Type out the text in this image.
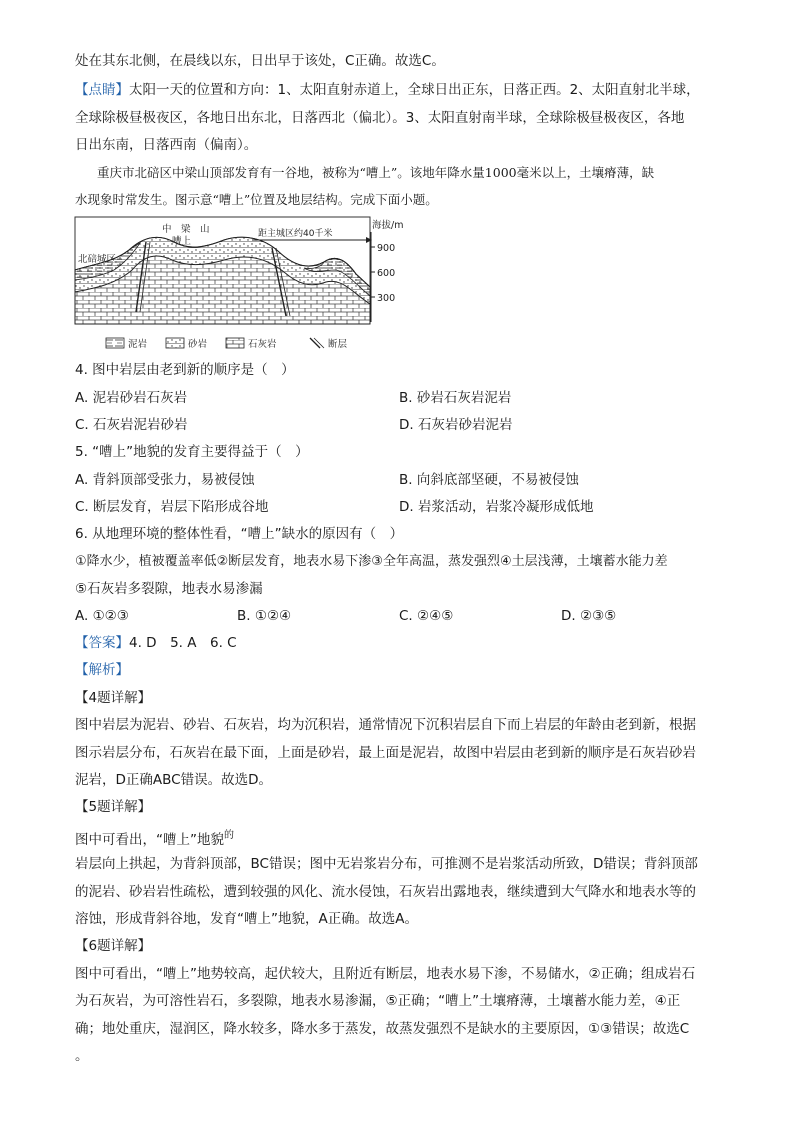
处在其东北侧，在晨线以东，日出早于该处，C正确。故选C。
【点睛】太阳一天的位置和方向：1、太阳直射赤道上，全球日出正东，日落正西。2、太阳直射北半球，
全球除极昼极夜区，各地日出东北，日落西北（偏北）。3、太阳直射南半球，全球除极昼极夜区，各地
日出东南，日落西南（偏南）。
重庆市北碚区中梁山顶部发育有一谷地，被称为“嘈上”。该地年降水量1000毫米以上，土壤瘠薄，缺
水现象时常发生。图示意“嘈上”位置及地层结构。完成下面小题。
中　梁　山
嘈上
北碚城区
距主城区约40千米
海拔/m
900
600
300
泥岩	砂岩	石灰岩	断层
4. 图中岩层由老到新的顺序是（　）
A. 泥岩砂岩石灰岩	B. 砂岩石灰岩泥岩
C. 石灰岩泥岩砂岩	D. 石灰岩砂岩泥岩
5. “嘈上”地貌的发育主要得益于（　）
A. 背斜顶部受张力，易被侵蚀	B. 向斜底部坚硬，不易被侵蚀
C. 断层发育，岩层下陷形成谷地	D. 岩浆活动，岩浆冷凝形成低地
6. 从地理环境的整体性看，“嘈上”缺水的原因有（　）
①降水少，植被覆盖率低②断层发育，地表水易下渗③全年高温，蒸发强烈④土层浅薄，土壤蓄水能力差
⑤石灰岩多裂隙，地表水易渗漏
A. ①②③	B. ①②④	C. ②④⑤	D. ②③⑤
【答案】4. D　5. A　6. C
【解析】
【4题详解】
图中岩层为泥岩、砂岩、石灰岩，均为沉积岩，通常情况下沉积岩层自下而上岩层的年龄由老到新，根据
图示岩层分布，石灰岩在最下面，上面是砂岩，最上面是泥岩，故图中岩层由老到新的顺序是石灰岩砂岩
泥岩，D正确ABC错误。故选D。
【5题详解】
图中可看出，“嘈上”地貌$^的$
岩层向上拱起，为背斜顶部，BC错误；图中无岩浆岩分布，可推测不是岩浆活动所致，D错误；背斜顶部
的泥岩、砂岩岩性疏松，遭到较强的风化、流水侵蚀，石灰岩出露地表，继续遭到大气降水和地表水等的
溶蚀，形成背斜谷地，发育“嘈上”地貌，A正确。故选A。
【6题详解】
图中可看出，“嘈上”地势较高，起伏较大，且附近有断层，地表水易下渗，不易储水，②正确；组成岩石
为石灰岩，为可溶性岩石，多裂隙，地表水易渗漏，⑤正确；“嘈上”土壤瘠薄，土壤蓄水能力差，④正
确；地处重庆，湿润区，降水较多，降水多于蒸发，故蒸发强烈不是缺水的主要原因，①③错误；故选C
。
